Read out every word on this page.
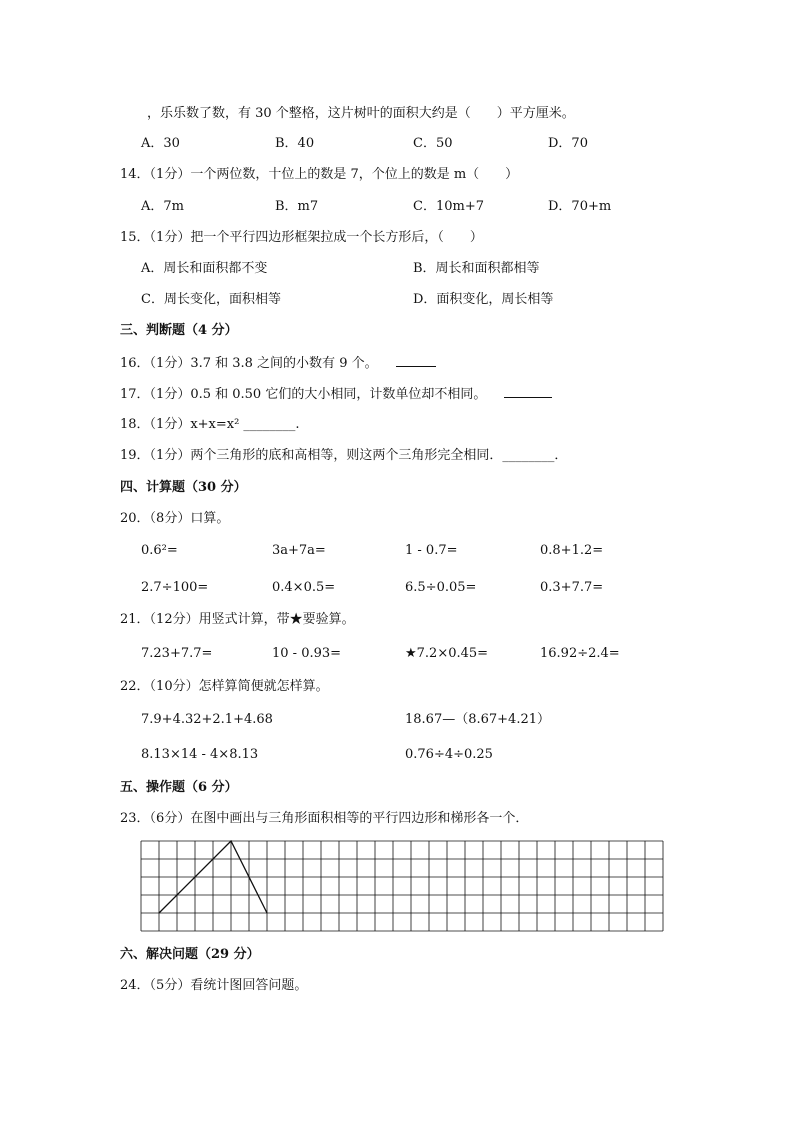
，乐乐数了数，有 30 个整格，这片树叶的面积大约是（　　）平方厘米。
A．30	B．40	C．50	D．70
14．（1分）一个两位数，十位上的数是 7，个位上的数是 m（　　）
A．7m	B．m7	C．10m+7	D．70+m
15．（1分）把一个平行四边形框架拉成一个长方形后，（　　）
A．周长和面积都不变	B．周长和面积都相等
C．周长变化，面积相等	D．面积变化，周长相等
三、判断题（4 分）
16．（1分）3.7 和 3.8 之间的小数有 9 个。
17．（1分）0.5 和 0.50 它们的大小相同，计数单位却不相同。
18．（1分）x+x=x² ________.
19．（1分）两个三角形的底和高相等，则这两个三角形完全相同．________．
四、计算题（30 分）
20．（8分）口算。
0.6²=	3a+7a=	1 - 0.7=	0.8+1.2=
2.7÷100=	0.4×0.5=	6.5÷0.05=	0.3+7.7=
21．（12分）用竖式计算，带★要验算。
7.23+7.7=	10 - 0.93=	★7.2×0.45=	16.92÷2.4=
22．（10分）怎样算简便就怎样算。
7.9+4.32+2.1+4.68	18.67—（8.67+4.21）
8.13×14 - 4×8.13	0.76÷4÷0.25
五、操作题（6 分）
23．（6分）在图中画出与三角形面积相等的平行四边形和梯形各一个．
六、解决问题（29 分）
24．（5分）看统计图回答问题。
